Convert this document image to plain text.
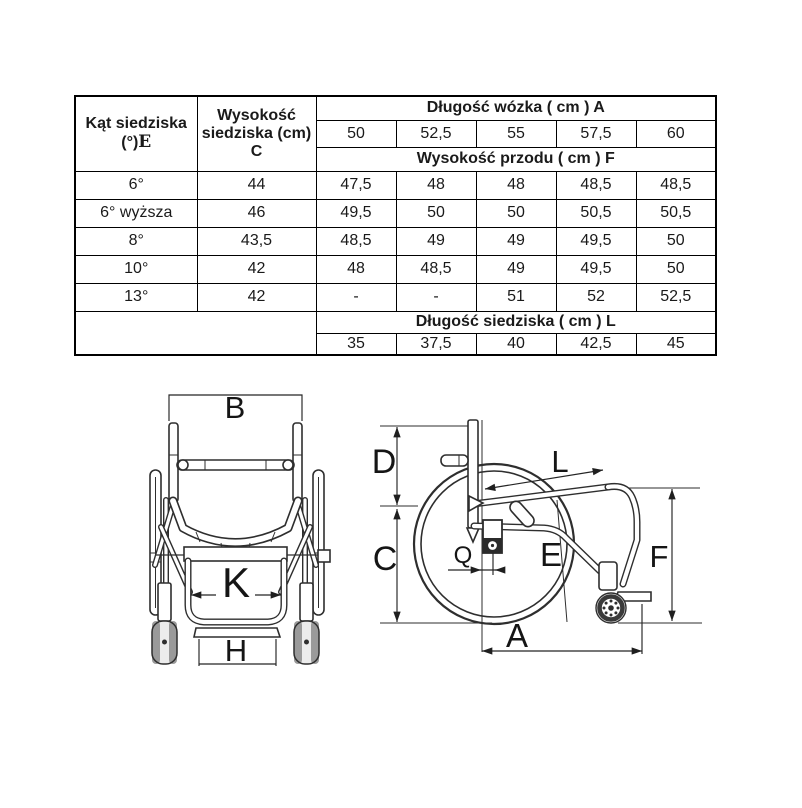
Kąt siedziska
(°)E	Wysokość siedziska (cm) C	Długość wózka ( cm ) A				
		50	52,5	55	57,5	60
		Wysokość przodu ( cm ) F				
6°	44	47,5	48	48	48,5	48,5
6° wyższa	46	49,5	50	50	50,5	50,5
8°	43,5	48,5	49	49	49,5	50
10°	42	48	48,5	49	49,5	50
13°	42	-	-	51	52	52,5
		Długość siedziska ( cm ) L				
		35	37,5	40	42,5	45
B
K
H
D
C
L
Q E	F
A
